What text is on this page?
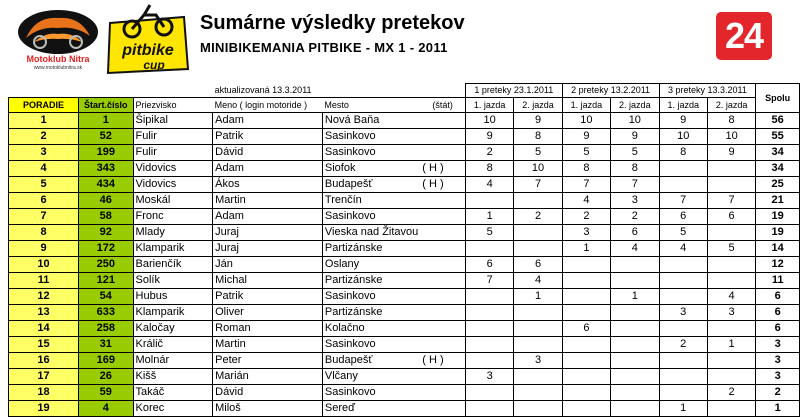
Motoklub Nitra
www.motoklubnitra.sk
pitbike
cup
Sumárne výsledky pretekov
MINIBIKEMANIA PITBIKE - MX 1 - 2011	24
			aktualizovaná 13.3.2011			1 preteky 23.1.2011		2 preteky 13.2.2011		3 preteky 13.3.2011		Spolu
PORADIE	Štart.číslo	Priezvisko	Meno ( login motoride )	Mesto	(štát)	1. jazda	2. jazda	1. jazda	2. jazda	1. jazda	2. jazda	
1	1	Šipikal	Adam	Nová Baňa		10	9	10	10	9	8	56
2	52	Fulir	Patrik	Sasinkovo		9	8	9	9	10	10	55
3	199	Fulir	Dávid	Sasinkovo		2	5	5	5	8	9	34
4	343	Vidovics	Adam	Siofok	( H )	8	10	8	8			34
5	434	Vidovics	Ákos	Budapešť	( H )	4	7	7	7			25
6	46	Moskál	Martin	Trenčín				4	3	7	7	21
7	58	Fronc	Adam	Sasinkovo		1	2	2	2	6	6	19
8	92	Mlady	Juraj	Vieska nad Žitavou		5		3	6	5		19
9	172	Klamparik	Juraj	Partizánske				1	4	4	5	14
10	250	Barienčík	Ján	Oslany		6	6					12
11	121	Solík	Michal	Partizánske		7	4					11
12	54	Hubus	Patrik	Sasinkovo			1		1		4	6
13	633	Klamparik	Oliver	Partizánske						3	3	6
14	258	Kaločay	Roman	Kolačno				6				6
15	31	Králič	Martin	Sasinkovo						2	1	3
16	169	Molnár	Peter	Budapešť	( H )		3					3
17	26	Kišš	Marián	Vlčany		3						3
18	59	Takáč	Dávid	Sasinkovo							2	2
19	4	Korec	Miloš	Sereď						1		1
